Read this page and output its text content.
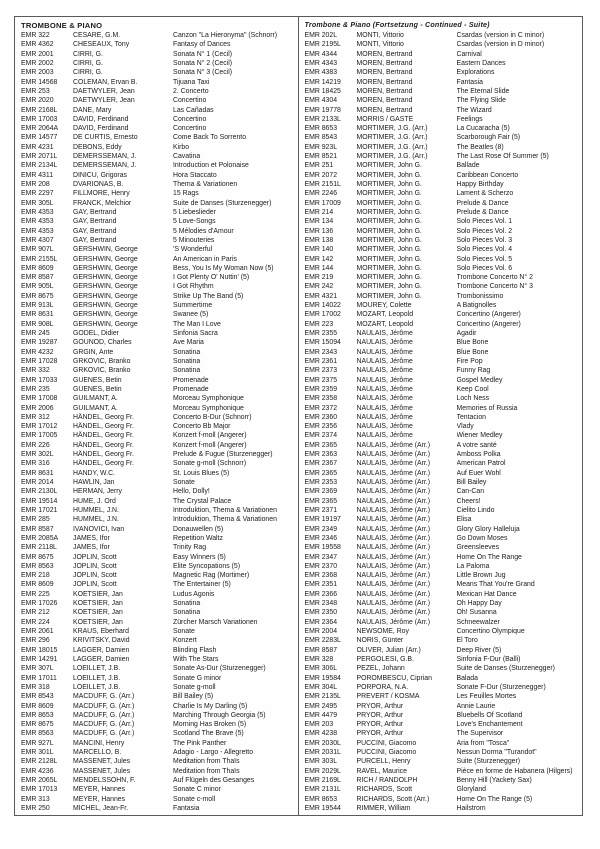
TROMBONE & PIANO
EMR 322	CESARE, G.M.	Canzon "La Hieronyma" (Schnorr)
EMR 4362	CHESEAUX, Tony	Fantasy of Dances
EMR 2001	CIRRI, G.	Sonata N° 1 (Cecil)
EMR 2002	CIRRI, G.	Sonata N° 2 (Cecil)
EMR 2003	CIRRI, G.	Sonata N° 3 (Cecil)
EMR 14568	COLEMAN, Ervan B.	Tijuana Taxi
EMR 253	DAETWYLER, Jean	2. Concerto
EMR 2020	DAETWYLER, Jean	Concertino
EMR 2168L	DANE, Mary	Las Cañadas
EMR 17003	DAVID, Ferdinand	Concertino
EMR 2064A	DAVID, Ferdinand	Concertino
EMR 14577	DE CURTIS, Ernesto	Come Back To Sorrento
EMR 4231	DEBONS, Eddy	Kirbo
EMR 2071L	DEMERSSEMAN, J.	Cavatina
EMR 2134L	DEMERSSEMAN, J.	Introduction et Polonaise
EMR 4311	DINICU, Grigoras	Hora Staccato
EMR 208	DVARIONAS, B.	Thema & Variationen
EMR 2297	FILLMORE, Henry	15 Rags
EMR 305L	FRANCK, Melchior	Suite de Danses (Sturzenegger)
EMR 4353	GAY, Bertrand	5 Liebeslieder
EMR 4353	GAY, Bertrand	5 Love-Songs
EMR 4353	GAY, Bertrand	5 Mélodies d'Amour
EMR 4307	GAY, Bertrand	5 Minouteries
EMR 907L	GERSHWIN, George	'S Wonderful
EMR 2155L	GERSHWIN, George	An American in Paris
EMR 8609	GERSHWIN, George	Bess, You Is My Woman Now (5)
EMR 8587	GERSHWIN, George	I Got Plenty O' Nuttin' (5)
EMR 905L	GERSHWIN, George	I Got Rhythm
EMR 8675	GERSHWIN, George	Strike Up The Band (5)
EMR 913L	GERSHWIN, George	Summertime
EMR 8631	GERSHWIN, George	Swanee (5)
EMR 908L	GERSHWIN, George	The Man I Love
EMR 245	GODEL, Didier	Sinfonia Sacra
EMR 19287	GOUNOD, Charles	Ave Maria
EMR 4232	GRGIN, Ante	Sonatina
EMR 17028	GRKOVIC, Branko	Sonatina
EMR 332	GRKOVIC, Branko	Sonatina
EMR 17033	GUENES, Betin	Promenade
EMR 235	GUENES, Betin	Promenade
EMR 17008	GUILMANT, A.	Morceau Symphonique
EMR 2006	GUILMANT, A.	Morceau Symphonique
EMR 312	HÄNDEL, Georg Fr.	Concerto B-Dur (Schnorr)
EMR 17012	HÄNDEL, Georg Fr.	Concerto Bb Major
EMR 17005	HÄNDEL, Georg Fr.	Konzert f-moll (Angerer)
EMR 226	HÄNDEL, Georg Fr.	Konzert f-moll (Angerer)
EMR 302L	HÄNDEL, Georg Fr.	Prelude & Fugue (Sturzenegger)
EMR 316	HÄNDEL, Georg Fr.	Sonate g-moll (Schnorr)
EMR 8631	HANDY, W.C.	St. Louis Blues (5)
EMR 2014	HAWLIN, Jan	Sonate
EMR 2130L	HERMAN, Jerry	Hello, Dolly!
EMR 19514	HUME, J. Ord	The Crystal Palace
EMR 17021	HUMMEL, J.N.	Introduktion, Thema & Variationen
EMR 285	HUMMEL, J.N.	Introduktion, Thema & Variationen
EMR 8587	IVANOVICI, Ivan	Donauwellen (5)
EMR 2085A	JAMES, Ifor	Repetition Waltz
EMR 2118L	JAMES, Ifor	Trinity Rag
EMR 8675	JOPLIN, Scott	Easy Winners (5)
EMR 8563	JOPLIN, Scott	Elite Syncopations (5)
EMR 218	JOPLIN, Scott	Magnetic Rag (Mortimer)
EMR 8609	JOPLIN, Scott	The Entertainer (5)
EMR 225	KOETSIER, Jan	Ludus Agonis
EMR 17026	KOETSIER, Jan	Sonatina
EMR 212	KOETSIER, Jan	Sonatina
EMR 224	KOETSIER, Jan	Zürcher Marsch Variationen
EMR 2061	KRAUS, Eberhard	Sonate
EMR 296	KRIVITSKY, David	Konzert
EMR 18015	LAGGER, Damien	Blinding Flash
EMR 14291	LAGGER, Damien	With The Stars
EMR 307L	LOEILLET, J.B.	Sonate As-Dur (Sturzenegger)
EMR 17011	LOEILLET, J.B.	Sonate G minor
EMR 318	LOEILLET, J.B.	Sonate g-moll
EMR 8543	MACDUFF, G. (Arr.)	Bill Bailey (5)
EMR 8609	MACDUFF, G. (Arr.)	Charlie Is My Darling (5)
EMR 8653	MACDUFF, G. (Arr.)	Marching Through Georgia (5)
EMR 8675	MACDUFF, G. (Arr.)	Morning Has Broken (5)
EMR 8563	MACDUFF, G. (Arr.)	Scotland The Brave (5)
EMR 927L	MANCINI, Henry	The Pink Panther
EMR 301L	MARCELLO, B.	Adagio - Largo - Allegretto
EMR 2128L	MASSENET, Jules	Meditation from Thaïs
EMR 4236	MASSENET, Jules	Meditation from Thaïs
EMR 2065L	MENDELSSOHN, F.	Auf Flügeln des Gesanges
EMR 17013	MEYER, Hannes	Sonate C minor
EMR 313	MEYER, Hannes	Sonate c-moll
EMR 250	MICHEL, Jean-Fr.	Fantasia
Trombone & Piano (Fortsetzung - Continued - Suite)
EMR 202L	MONTI, Vittorio	Csardas (version in C minor)
EMR 2195L	MONTI, Vittorio	Csardas (version in D minor)
EMR 4344	MOREN, Bertrand	Carnival
EMR 4343	MOREN, Bertrand	Eastern Dances
EMR 4383	MOREN, Bertrand	Explorations
EMR 14219	MOREN, Bertrand	Fantasia
EMR 18425	MOREN, Bertrand	The Eternal Slide
EMR 4304	MOREN, Bertrand	The Flying Slide
EMR 19778	MOREN, Bertrand	The Wizard
EMR 2133L	MORRIS / GASTE	Feelings
EMR 8653	MORTIMER, J.G. (Arr.)	La Cucaracha (5)
EMR 8543	MORTIMER, J.G. (Arr.)	Scarborough Fair (5)
EMR 923L	MORTIMER, J.G. (Arr.)	The Beatles (8)
EMR 8521	MORTIMER, J.G. (Arr.)	The Last Rose Of Summer (5)
EMR 251	MORTIMER, John G.	Ballade
EMR 2072	MORTIMER, John G.	Caribbean Concerto
EMR 2151L	MORTIMER, John G.	Happy Birthday
EMR 2246	MORTIMER, John G.	Lament & Scherzo
EMR 17009	MORTIMER, John G.	Prelude & Dance
EMR 214	MORTIMER, John G.	Prelude & Dance
EMR 134	MORTIMER, John G.	Solo Pieces Vol. 1
EMR 136	MORTIMER, John G.	Solo Pieces Vol. 2
EMR 138	MORTIMER, John G.	Solo Pieces Vol. 3
EMR 140	MORTIMER, John G.	Solo Pieces Vol. 4
EMR 142	MORTIMER, John G.	Solo Pieces Vol. 5
EMR 144	MORTIMER, John G.	Solo Pieces Vol. 6
EMR 219	MORTIMER, John G.	Trombone Concerto N° 2
EMR 242	MORTIMER, John G.	Trombone Concerto N° 3
EMR 4321	MORTIMER, John G.	Trombonissimo
EMR 14022	MOUREY, Colette	A Batignolles
EMR 17002	MOZART, Leopold	Concertino (Angerer)
EMR 223	MOZART, Leopold	Concertino (Angerer)
EMR 2355	NAULAIS, Jérôme	Agadir
EMR 15094	NAULAIS, Jérôme	Blue Bone
EMR 2343	NAULAIS, Jérôme	Blue Bone
EMR 2361	NAULAIS, Jérôme	Fire Pop
EMR 2373	NAULAIS, Jérôme	Funny Rag
EMR 2375	NAULAIS, Jérôme	Gospel Medley
EMR 2359	NAULAIS, Jérôme	Keep Cool
EMR 2358	NAULAIS, Jérôme	Loch Ness
EMR 2372	NAULAIS, Jérôme	Memories of Russia
EMR 2360	NAULAIS, Jérôme	Tentacion
EMR 2356	NAULAIS, Jérôme	Vlady
EMR 2374	NAULAIS, Jérôme	Wiener Medley
EMR 2365	NAULAIS, Jérôme (Arr.)	A votre santé
EMR 2363	NAULAIS, Jérôme (Arr.)	Amboss Polka
EMR 2367	NAULAIS, Jérôme (Arr.)	American Patrol
EMR 2365	NAULAIS, Jérôme (Arr.)	Auf Euer Wohl
EMR 2353	NAULAIS, Jérôme (Arr.)	Bill Bailey
EMR 2369	NAULAIS, Jérôme (Arr.)	Can-Can
EMR 2365	NAULAIS, Jérôme (Arr.)	Cheers!
EMR 2371	NAULAIS, Jérôme (Arr.)	Cielito Lindo
EMR 19197	NAULAIS, Jérôme (Arr.)	Elisa
EMR 2349	NAULAIS, Jérôme (Arr.)	Glory Glory Halleluja
EMR 2346	NAULAIS, Jérôme (Arr.)	Go Down Moses
EMR 19558	NAULAIS, Jérôme (Arr.)	Greensleeves
EMR 2347	NAULAIS, Jérôme (Arr.)	Home On The Range
EMR 2370	NAULAIS, Jérôme (Arr.)	La Paloma
EMR 2368	NAULAIS, Jérôme (Arr.)	Little Brown Jug
EMR 2351	NAULAIS, Jérôme (Arr.)	Means That You're Grand
EMR 2366	NAULAIS, Jérôme (Arr.)	Mexican Hat Dance
EMR 2348	NAULAIS, Jérôme (Arr.)	Oh Happy Day
EMR 2350	NAULAIS, Jérôme (Arr.)	Oh! Susanna
EMR 2364	NAULAIS, Jérôme (Arr.)	Schneewalzer
EMR 2004	NEWSOME, Roy	Concertino Olympique
EMR 2283L	NORIS, Günter	El Toro
EMR 8587	OLIVER, Julian (Arr.)	Deep River (5)
EMR 328	PERGOLESI, G.B.	Sinfonia F-Dur (Balli)
EMR 306L	PEZEL, Johann	Suite de Danses (Sturzenegger)
EMR 19584	POROMBESCU, Ciprian	Balada
EMR 304L	PORPORA, N.A.	Sonate F-Dur (Sturzenegger)
EMR 2135L	PREVERT / KOSMA	Les Feuilles Mortes
EMR 2495	PRYOR, Arthur	Annie Laurie
EMR 4479	PRYOR, Arthur	Bluebells Of Scotland
EMR 203	PRYOR, Arthur	Love's Enchantement
EMR 4238	PRYOR, Arthur	The Supervisor
EMR 2030L	PUCCINI, Giacomo	Aria from "Tosca"
EMR 2031L	PUCCINI, Giacomo	Nessun Dorma "Turandot"
EMR 303L	PURCELL, Henry	Suite (Sturzenegger)
EMR 2029L	RAVEL, Maurice	Pièce en forme de Habanera (Hilgers)
EMR 2169L	RICH / RANDOLPH	Benny Hill (Yackety Sax)
EMR 2131L	RICHARDS, Scott	Gloryland
EMR 8653	RICHARDS, Scott (Arr.)	Home On The Range (5)
EMR 19544	RIMMER, William	Hailstrom
